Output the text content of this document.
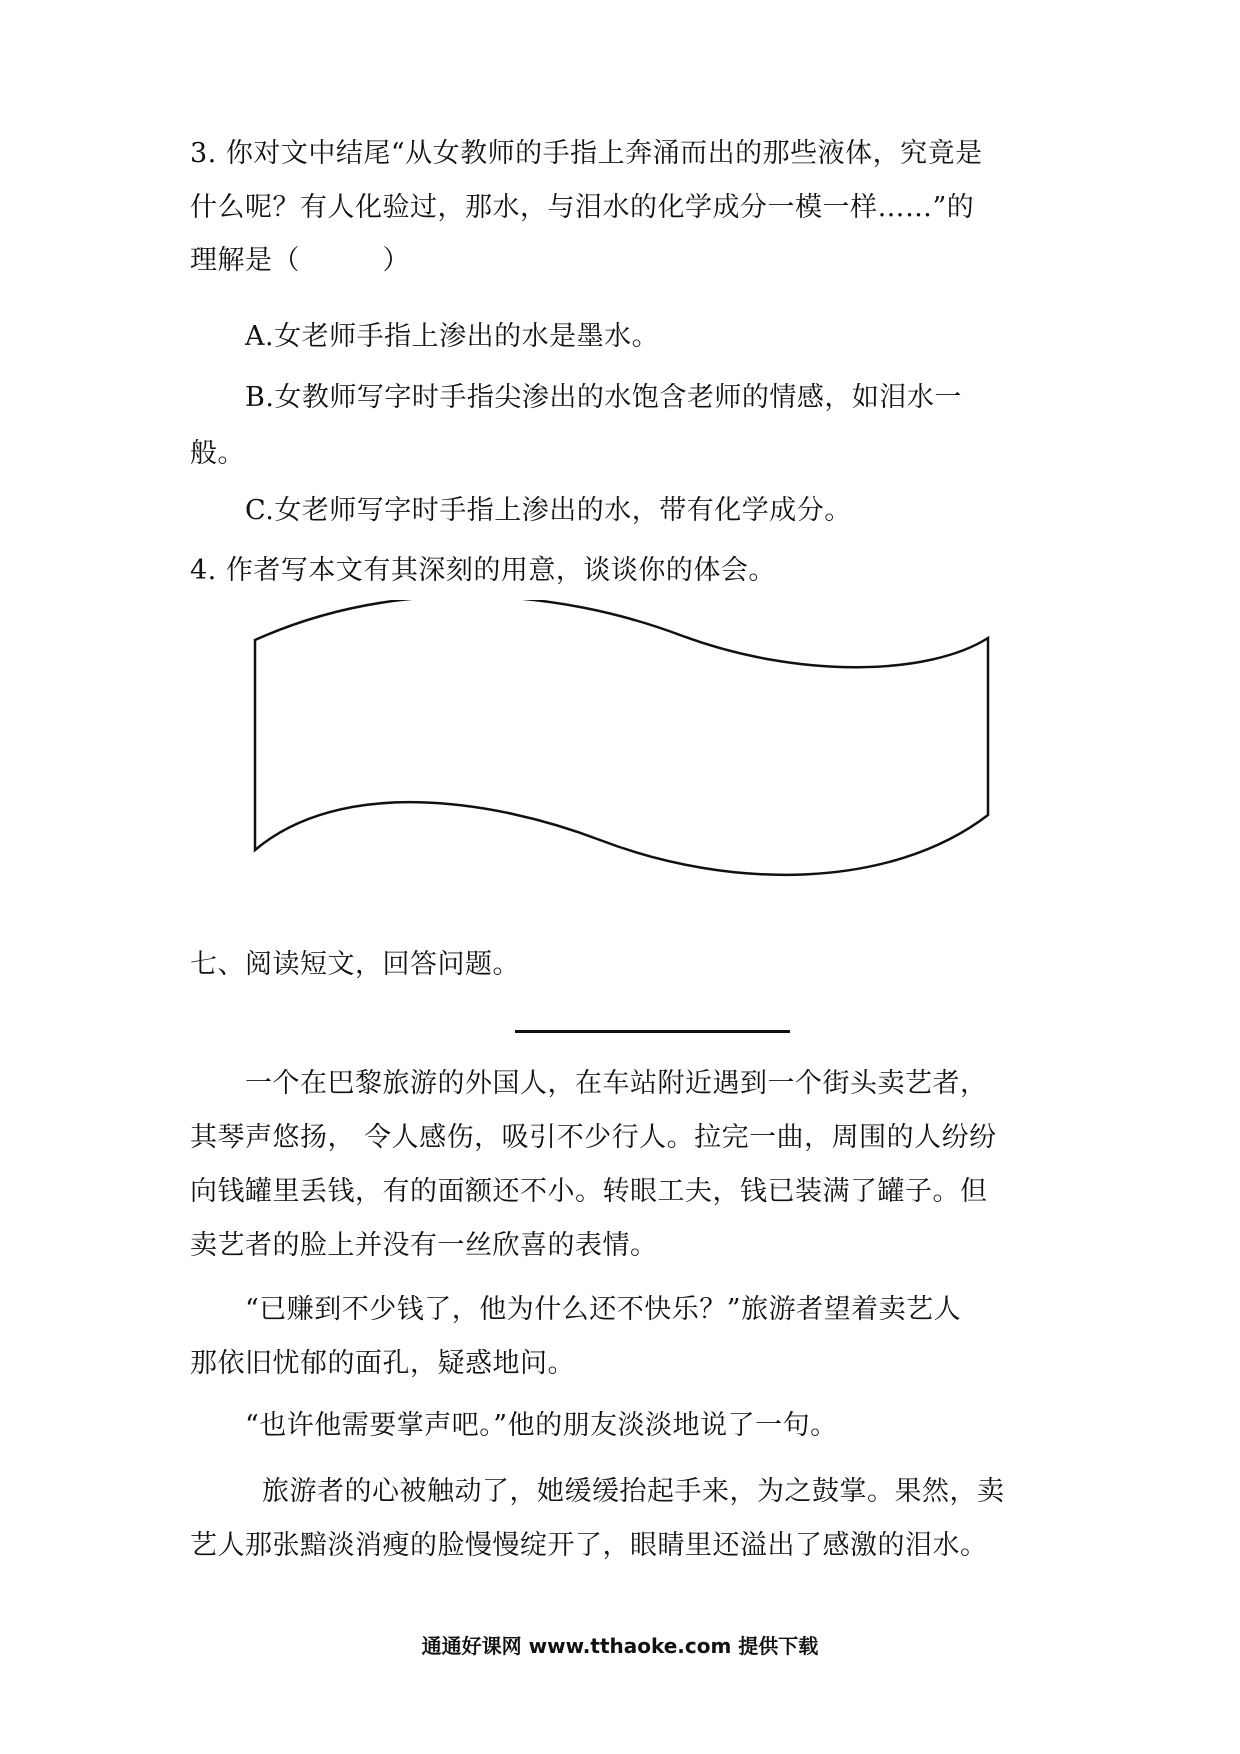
3. 你对文中结尾“从女教师的手指上奔涌而出的那些液体，究竟是
什么呢？有人化验过，那水，与泪水的化学成分一模一样……”的
理解是（　　　）
A.女老师手指上渗出的水是墨水。
B.女教师写字时手指尖渗出的水饱含老师的情感，如泪水一
般。
C.女老师写字时手指上渗出的水，带有化学成分。
4. 作者写本文有其深刻的用意，谈谈你的体会。
七、阅读短文，回答问题。
一个在巴黎旅游的外国人，在车站附近遇到一个街头卖艺者，
其琴声悠扬， 令人感伤，吸引不少行人。拉完一曲，周围的人纷纷
向钱罐里丢钱，有的面额还不小。转眼工夫，钱已装满了罐子。但
卖艺者的脸上并没有一丝欣喜的表情。
“已赚到不少钱了，他为什么还不快乐？”旅游者望着卖艺人
那依旧忧郁的面孔，疑惑地问。
“也许他需要掌声吧。”他的朋友淡淡地说了一句。
旅游者的心被触动了，她缓缓抬起手来，为之鼓掌。果然，卖
艺人那张黯淡消瘦的脸慢慢绽开了，眼睛里还溢出了感激的泪水。
通通好课网 www.tthaoke.com 提供下载
